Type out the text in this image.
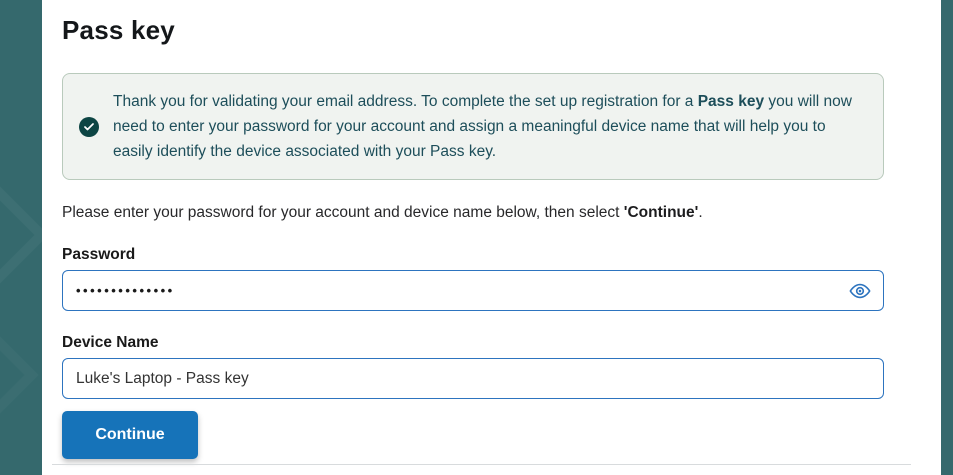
Pass key

Thank you for validating your email address. To complete the set up registration for a Pass key you will now need to enter your password for your account and assign a meaningful device name that will help you to easily identify the device associated with your Pass key.

Please enter your password for your account and device name below, then select 'Continue'.

Password
••••••••••••••
Device Name
Luke's Laptop - Pass key
Continue
